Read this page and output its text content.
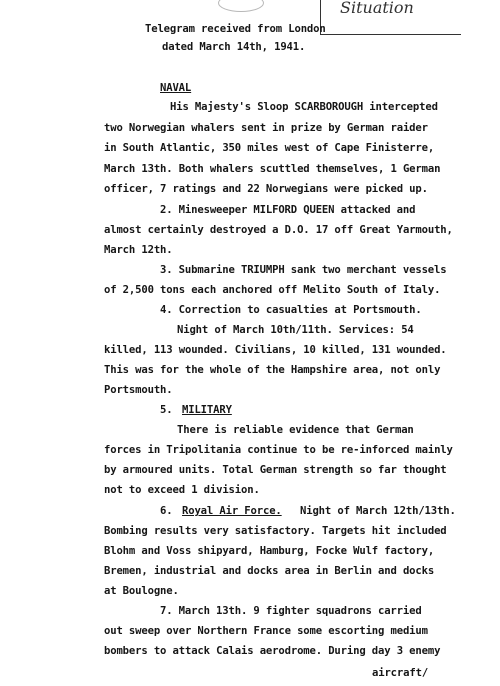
Situation
Telegram received from London
dated March 14th, 1941.
NAVAL
His Majesty's Sloop SCARBOROUGH intercepted
two Norwegian whalers sent in prize by German raider
in South Atlantic, 350 miles west of Cape Finisterre,
March 13th. Both whalers scuttled themselves, 1 German
officer, 7 ratings and 22 Norwegians were picked up.
2. Minesweeper MILFORD QUEEN attacked and
almost certainly destroyed a D.O. 17 off Great Yarmouth,
March 12th.
3. Submarine TRIUMPH sank two merchant vessels
of 2,500 tons each anchored off Melito South of Italy.
4. Correction to casualties at Portsmouth.
Night of March 10th/11th. Services: 54
killed, 113 wounded. Civilians, 10 killed, 131 wounded.
This was for the whole of the Hampshire area, not only
Portsmouth.
5. MILITARY
There is reliable evidence that German
forces in Tripolitania continue to be re-inforced mainly
by armoured units. Total German strength so far thought
not to exceed 1 division.
6. Royal Air Force. Night of March 12th/13th.
Bombing results very satisfactory. Targets hit included
Blohm and Voss shipyard, Hamburg, Focke Wulf factory,
Bremen, industrial and docks area in Berlin and docks
at Boulogne.
7. March 13th. 9 fighter squadrons carried
out sweep over Northern France some escorting medium
bombers to attack Calais aerodrome. During day 3 enemy
aircraft/
